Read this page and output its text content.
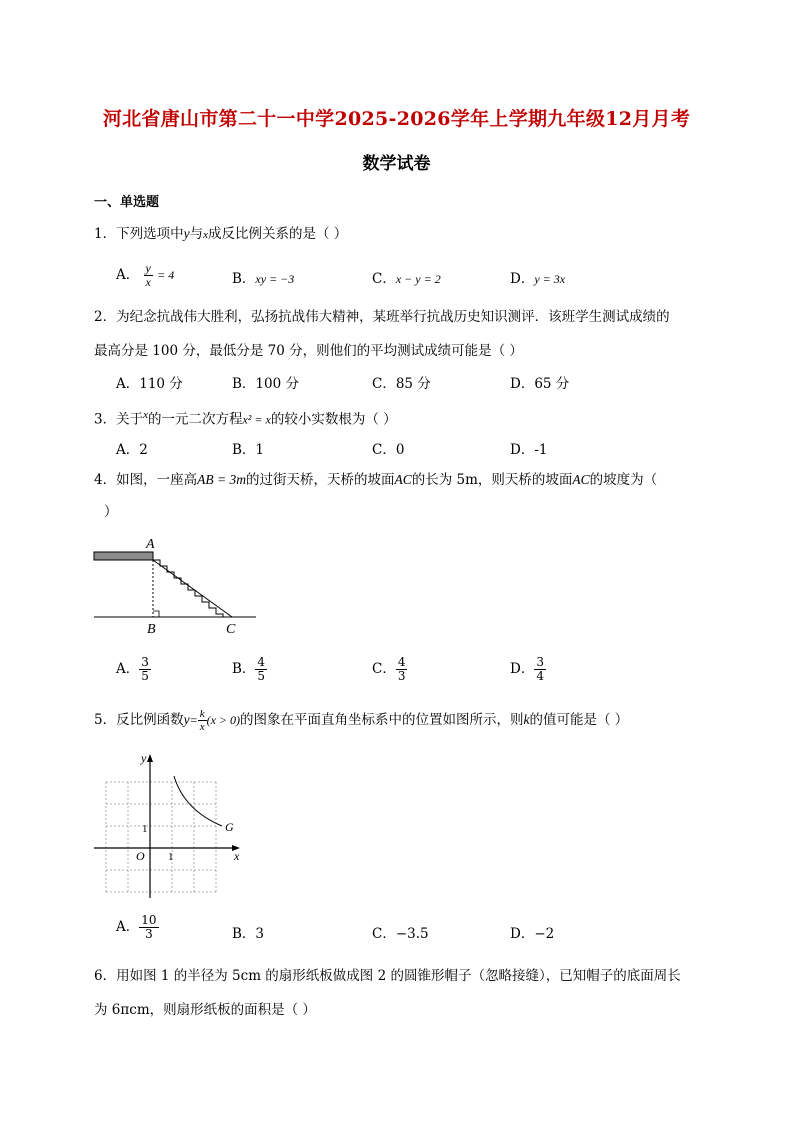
河北省唐山市第二十一中学2025-2026学年上学期九年级12月月考
数学试卷
一、单选题
1．下列选项中y与x成反比例关系的是（ ）
A． $\frac{y}{x} = 4$	B．xy = −3	C．x − y = 2	D．y = 3x
2．为纪念抗战伟大胜利，弘扬抗战伟大精神，某班举行抗战历史知识测评．该班学生测试成绩的
最高分是 100 分，最低分是 70 分，则他们的平均测试成绩可能是（ ）
A．110 分	B．100 分	C．85 分	D．65 分
3．关于$^x$的一元二次方程x² = x的较小实数根为（ ）
A．2	B．1	C．0	D．-1
4．如图，一座高AB = 3m的过街天桥，天桥的坡面AC的长为 5m，则天桥的坡面AC的坡度为（
）
A
B	C
A． $\frac{3}{5}$	B． $\frac{4}{5}$	C． $\frac{4}{3}$	D． $\frac{3}{4}$
5．反比例函数$y= \frac{k}{x} (x > 0)$的图象在平面直角坐标系中的位置如图所示，则k的值可能是（ ）
y
x
O 1
1	G
A． $\frac{10}{3}$	B．3	C．−3.5	D．−2
6．用如图 1 的半径为 5cm 的扇形纸板做成图 2 的圆锥形帽子（忽略接缝），已知帽子的底面周长
为 6πcm，则扇形纸板的面积是（ ）
